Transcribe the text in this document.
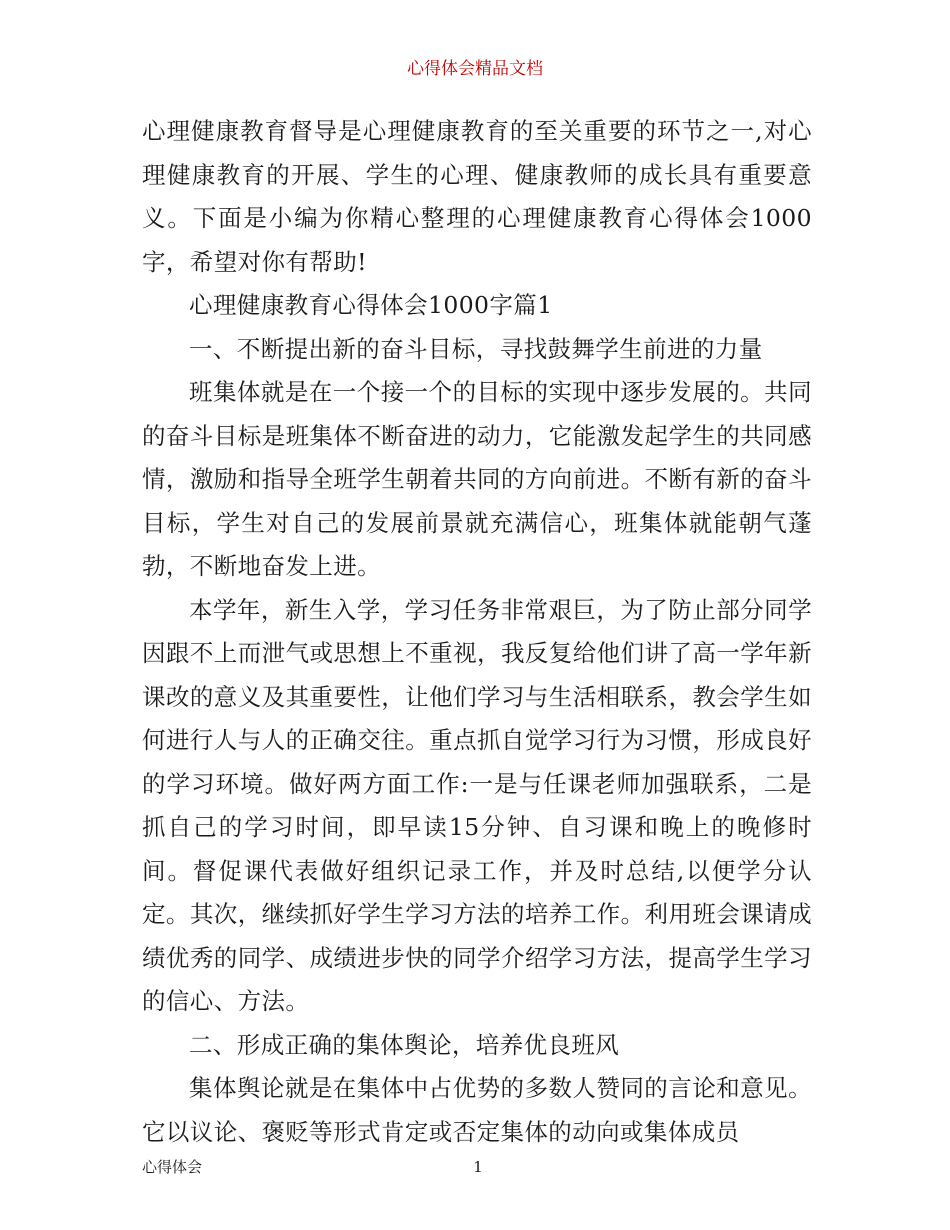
心得体会精品文档

心理健康教育督导是心理健康教育的至关重要的环节之一,对心理健康教育的开展、学生的心理、健康教师的成长具有重要意义。下面是小编为你精心整理的心理健康教育心得体会1000字，希望对你有帮助!

心理健康教育心得体会1000字篇1

一、不断提出新的奋斗目标，寻找鼓舞学生前进的力量

班集体就是在一个接一个的目标的实现中逐步发展的。共同的奋斗目标是班集体不断奋进的动力，它能激发起学生的共同感情，激励和指导全班学生朝着共同的方向前进。不断有新的奋斗目标，学生对自己的发展前景就充满信心，班集体就能朝气蓬勃，不断地奋发上进。

本学年，新生入学，学习任务非常艰巨，为了防止部分同学因跟不上而泄气或思想上不重视，我反复给他们讲了高一学年新课改的意义及其重要性，让他们学习与生活相联系，教会学生如何进行人与人的正确交往。重点抓自觉学习行为习惯，形成良好的学习环境。做好两方面工作:一是与任课老师加强联系，二是抓自己的学习时间，即早读15分钟、自习课和晚上的晚修时间。督促课代表做好组织记录工作，并及时总结,以便学分认定。其次，继续抓好学生学习方法的培养工作。利用班会课请成绩优秀的同学、成绩进步快的同学介绍学习方法，提高学生学习的信心、方法。

二、形成正确的集体舆论，培养优良班风

集体舆论就是在集体中占优势的多数人赞同的言论和意见。它以议论、褒贬等形式肯定或否定集体的动向或集体成员

心得体会	1
